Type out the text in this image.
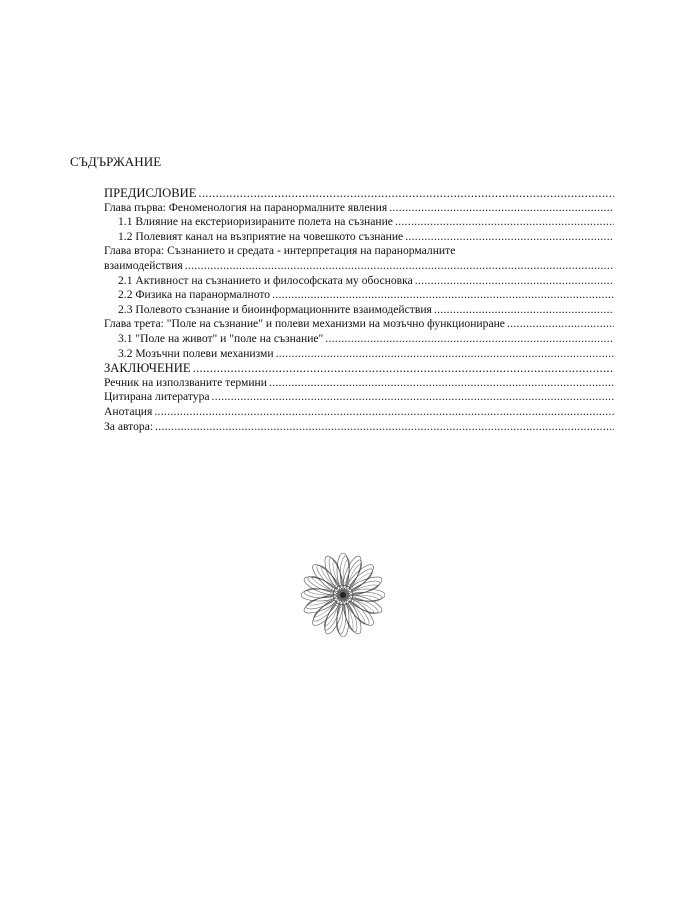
СЪДЪРЖАНИЕ
ПРЕДИСЛОВИЕ
.....
Глава първа: Феноменология на паранормалните явления
.....
1.1 Влияние на екстериоризираните полета на съзнание
.....
1.2 Полевият канал на възприятие на човешкото съзнание
.....
Глава втора: Съзнанието и средата - интерпретация на паранормалните
взаимодействия
.....
2.1 Активност на съзнанието и философската му обосновка
.....
2.2 Физика на паранормалното
.....
2.3 Полевото съзнание и биоинформационните взаимодействия
.....
Глава трета: "Поле на съзнание" и полеви механизми на мозъчно функциониране
.....
3.1 "Поле на живот" и "поле на съзнание"
.....
3.2 Мозъчни полеви механизми
.....
ЗАКЛЮЧЕНИЕ
.....
Речник на използваните термини
.....
Цитирана литература
.....
Анотация
.....
За автора:
.....
